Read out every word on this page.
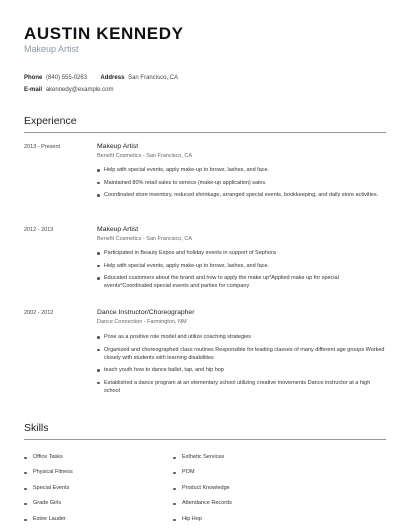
AUSTIN KENNEDY
Makeup Artist
Phone (840) 555-0263 Address San Francisco, CA
E-mail akennedy@example.com
Experience
2013 - Present	Makeup Artist
Benefit Cosmetics - San Francisco, CA
Help with special events, apply make-up to brows, lashes, and face.
Maintained 80% retail sales to service (make-up application) sales.
Coordinated store inventory, reduced shrinkage, arranged special events, bookkeeping, and daily store activities.
2012 - 2013	Makeup Artist
Benefit Cosmetics - San Francisco, CA
Participated in Beauty Expos and holiday events in support of Sephora
Help with special events, apply make-up to brows, lashes, and face.
Educated customers about the brand and how to apply the make up*Applied make up for special events*Coordinated special events and parties for company
2002 - 2012	Dance Instructor/Choreographer
Dance Connection - Farmington, NM
Pose as a positive role model and utilize coaching strategies
Organized and choreographed class routines Responsible for leading classes of many different age groups Worked closely with students with learning disabilities
teach youth how to dance ballet, tap, and hip hop
Established a dance program at an elementary school utilizing creative movements Dance instructor at a high school
Skills
Office Tasks
Physical Fitness
Special Events
Grade Girls
Estee Lauder
Esthetic Services
POM
Product Knowledge
Attendance Records
Hip Hop
